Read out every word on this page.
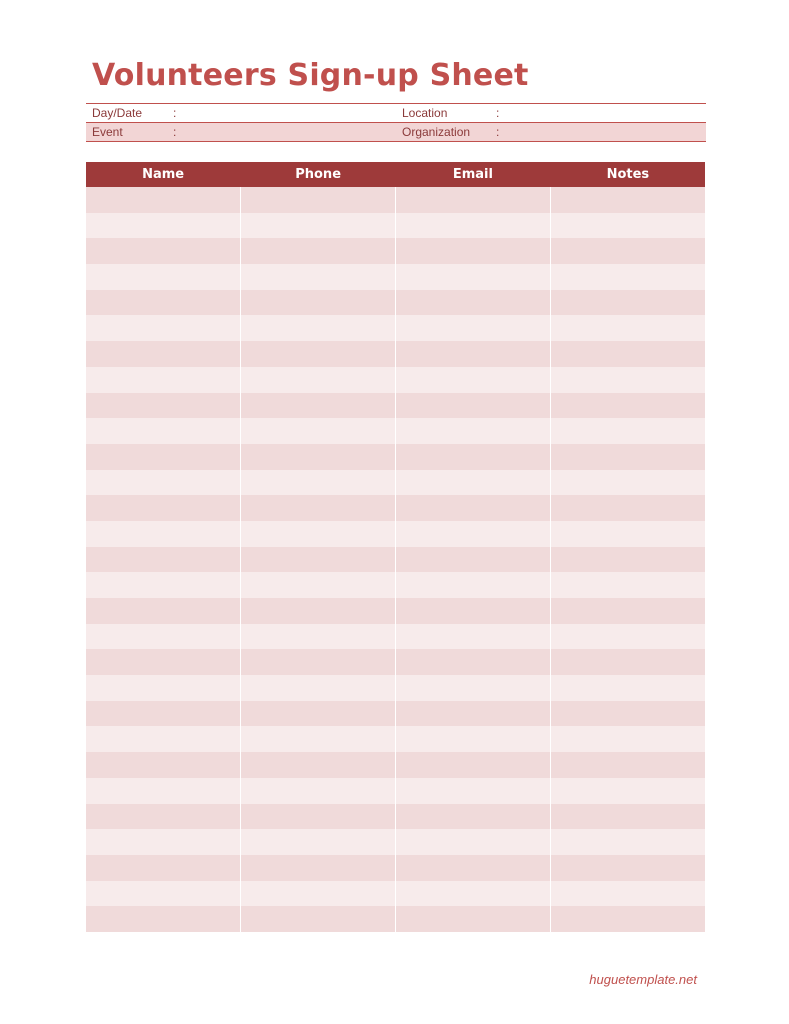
Volunteers Sign-up Sheet
Day/Date	:	Location	:
Event	:	Organization :
Name	Phone	Email	Notes

huguetemplate.net
